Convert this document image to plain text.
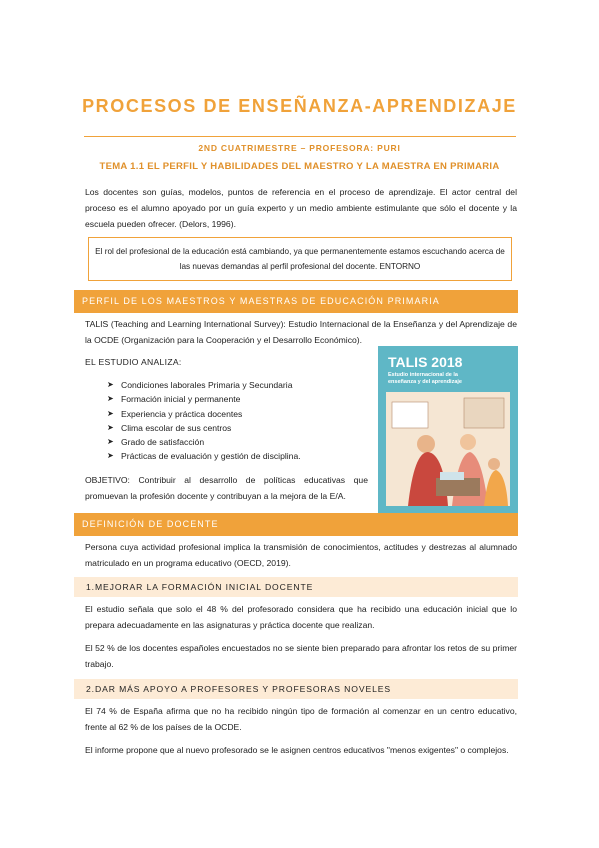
PROCESOS DE ENSEÑANZA-APRENDIZAJE
2ND CUATRIMESTRE – PROFESORA: PURI
TEMA 1.1 EL PERFIL Y HABILIDADES DEL MAESTRO Y LA MAESTRA EN PRIMARIA
Los docentes son guías, modelos, puntos de referencia en el proceso de aprendizaje. El actor central del proceso es el alumno apoyado por un guía experto y un medio ambiente estimulante que sólo el docente y la escuela pueden ofrecer. (Delors, 1996).
El rol del profesional de la educación está cambiando, ya que permanentemente estamos escuchando acerca de las nuevas demandas al perfil profesional del docente. ENTORNO
PERFIL DE LOS MAESTROS Y MAESTRAS DE EDUCACIÓN PRIMARIA
TALIS (Teaching and Learning International Survey): Estudio Internacional de la Enseñanza y del Aprendizaje de la OCDE (Organización para la Cooperación y el Desarrollo Económico).
EL ESTUDIO ANALIZA:
➤ Condiciones laborales Primaria y Secundaria
➤ Formación inicial y permanente
➤ Experiencia y práctica docentes
➤ Clima escolar de sus centros
➤ Grado de satisfacción
➤ Prácticas de evaluación y gestión de disciplina.
OBJETIVO: Contribuir al desarrollo de políticas educativas que promuevan la profesión docente y contribuyan a la mejora de la E/A.
TALIS 2018
Estudio internacional de la
enseñanza y del aprendizaje
DEFINICIÓN DE DOCENTE
Persona cuya actividad profesional implica la transmisión de conocimientos, actitudes y destrezas al alumnado matriculado en un programa educativo (OECD, 2019).
1.MEJORAR LA FORMACIÓN INICIAL DOCENTE
El estudio señala que solo el 48 % del profesorado considera que ha recibido una educación inicial que lo prepara adecuadamente en las asignaturas y práctica docente que realizan.
El 52 % de los docentes españoles encuestados no se siente bien preparado para afrontar los retos de su primer trabajo.
2.DAR MÁS APOYO A PROFESORES Y PROFESORAS NOVELES
El 74 % de España afirma que no ha recibido ningún tipo de formación al comenzar en un centro educativo, frente al 62 % de los países de la OCDE.
El informe propone que al nuevo profesorado se le asignen centros educativos "menos exigentes" o complejos.
